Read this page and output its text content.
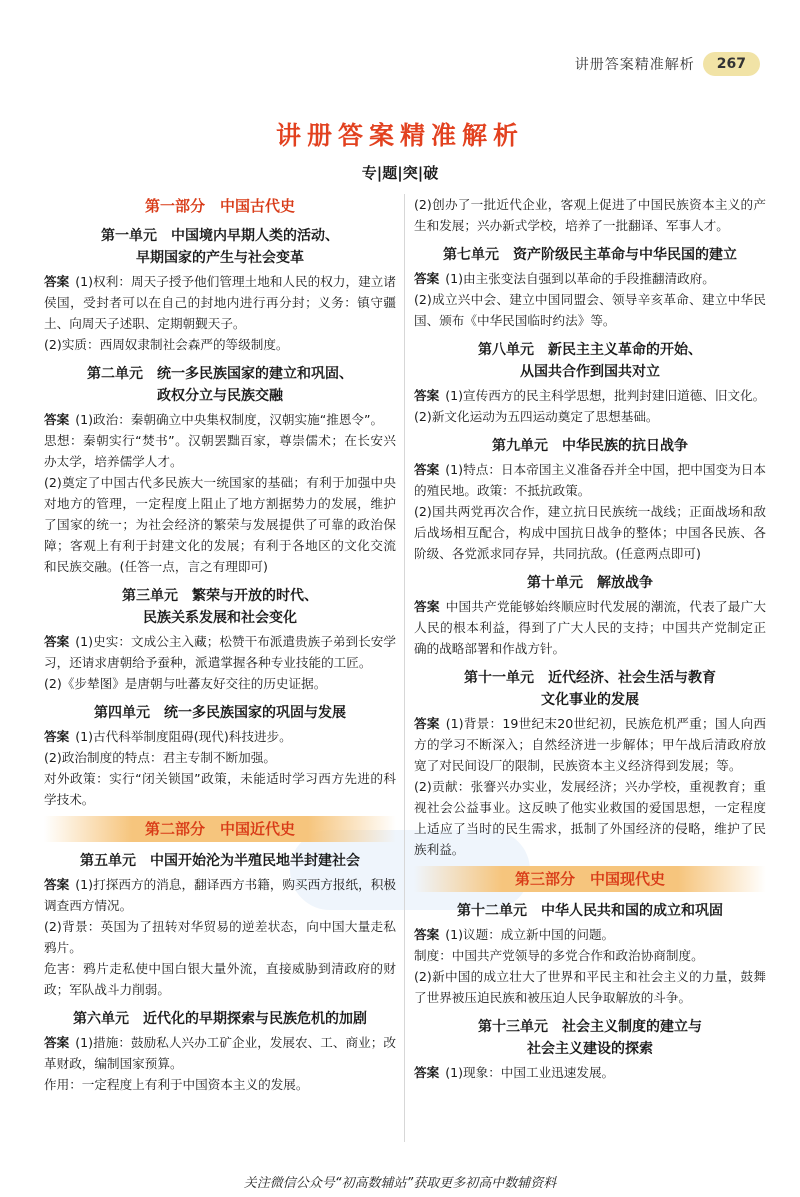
讲册答案精准解析	267
讲册答案精准解析
专|题|突|破
第一部分　中国古代史
第一单元　中国境内早期人类的活动、
早期国家的产生与社会变革

答案 (1)权利：周天子授予他们管理土地和人民的权力，建立诸侯国，受封者可以在自己的封地内进行再分封；义务：镇守疆土、向周天子述职、定期朝觐天子。

(2)实质：西周奴隶制社会森严的等级制度。

第二单元　统一多民族国家的建立和巩固、
政权分立与民族交融

答案 (1)政治：秦朝确立中央集权制度，汉朝实施“推恩令”。

思想：秦朝实行“焚书”。汉朝罢黜百家，尊崇儒术；在长安兴办太学，培养儒学人才。

(2)奠定了中国古代多民族大一统国家的基础；有利于加强中央对地方的管理，一定程度上阻止了地方割据势力的发展，维护了国家的统一；为社会经济的繁荣与发展提供了可靠的政治保障；客观上有利于封建文化的发展；有利于各地区的文化交流和民族交融。(任答一点，言之有理即可)

第三单元　繁荣与开放的时代、
民族关系发展和社会变化

答案 (1)史实：文成公主入藏；松赞干布派遣贵族子弟到长安学习，还请求唐朝给予蚕种，派遣掌握各种专业技能的工匠。

(2)《步辇图》是唐朝与吐蕃友好交往的历史证据。

第四单元　统一多民族国家的巩固与发展

答案 (1)古代科举制度阻碍(现代)科技进步。

(2)政治制度的特点：君主专制不断加强。

对外政策：实行“闭关锁国”政策，未能适时学习西方先进的科学技术。

第二部分　中国近代史
第五单元　中国开始沦为半殖民地半封建社会

答案 (1)打探西方的消息，翻译西方书籍，购买西方报纸，积极调查西方情况。

(2)背景：英国为了扭转对华贸易的逆差状态，向中国大量走私鸦片。

危害：鸦片走私使中国白银大量外流，直接威胁到清政府的财政；军队战斗力削弱。

第六单元　近代化的早期探索与民族危机的加剧

答案 (1)措施：鼓励私人兴办工矿企业，发展农、工、商业；改革财政，编制国家预算。

作用：一定程度上有利于中国资本主义的发展。

(2)创办了一批近代企业，客观上促进了中国民族资本主义的产生和发展；兴办新式学校，培养了一批翻译、军事人才。

第七单元　资产阶级民主革命与中华民国的建立

答案 (1)由主张变法自强到以革命的手段推翻清政府。

(2)成立兴中会、建立中国同盟会、领导辛亥革命、建立中华民国、颁布《中华民国临时约法》等。

第八单元　新民主主义革命的开始、
从国共合作到国共对立

答案 (1)宣传西方的民主科学思想，批判封建旧道德、旧文化。

(2)新文化运动为五四运动奠定了思想基础。

第九单元　中华民族的抗日战争

答案 (1)特点：日本帝国主义准备吞并全中国，把中国变为日本的殖民地。政策：不抵抗政策。

(2)国共两党再次合作，建立抗日民族统一战线；正面战场和敌后战场相互配合，构成中国抗日战争的整体；中国各民族、各阶级、各党派求同存异，共同抗敌。(任意两点即可)

第十单元　解放战争

答案 中国共产党能够始终顺应时代发展的潮流，代表了最广大人民的根本利益，得到了广大人民的支持；中国共产党制定正确的战略部署和作战方针。

第十一单元　近代经济、社会生活与教育
文化事业的发展

答案 (1)背景：19世纪末20世纪初，民族危机严重；国人向西方的学习不断深入；自然经济进一步解体；甲午战后清政府放宽了对民间设厂的限制，民族资本主义经济得到发展；等。

(2)贡献：张謇兴办实业，发展经济；兴办学校，重视教育；重视社会公益事业。这反映了他实业救国的爱国思想，一定程度上适应了当时的民生需求，抵制了外国经济的侵略，维护了民族利益。

第三部分　中国现代史
第十二单元　中华人民共和国的成立和巩固

答案 (1)议题：成立新中国的问题。

制度：中国共产党领导的多党合作和政治协商制度。

(2)新中国的成立壮大了世界和平民主和社会主义的力量，鼓舞了世界被压迫民族和被压迫人民争取解放的斗争。

第十三单元　社会主义制度的建立与
社会主义建设的探索

答案 (1)现象：中国工业迅速发展。

关注微信公众号“初高数辅站”获取更多初高中数辅资料
